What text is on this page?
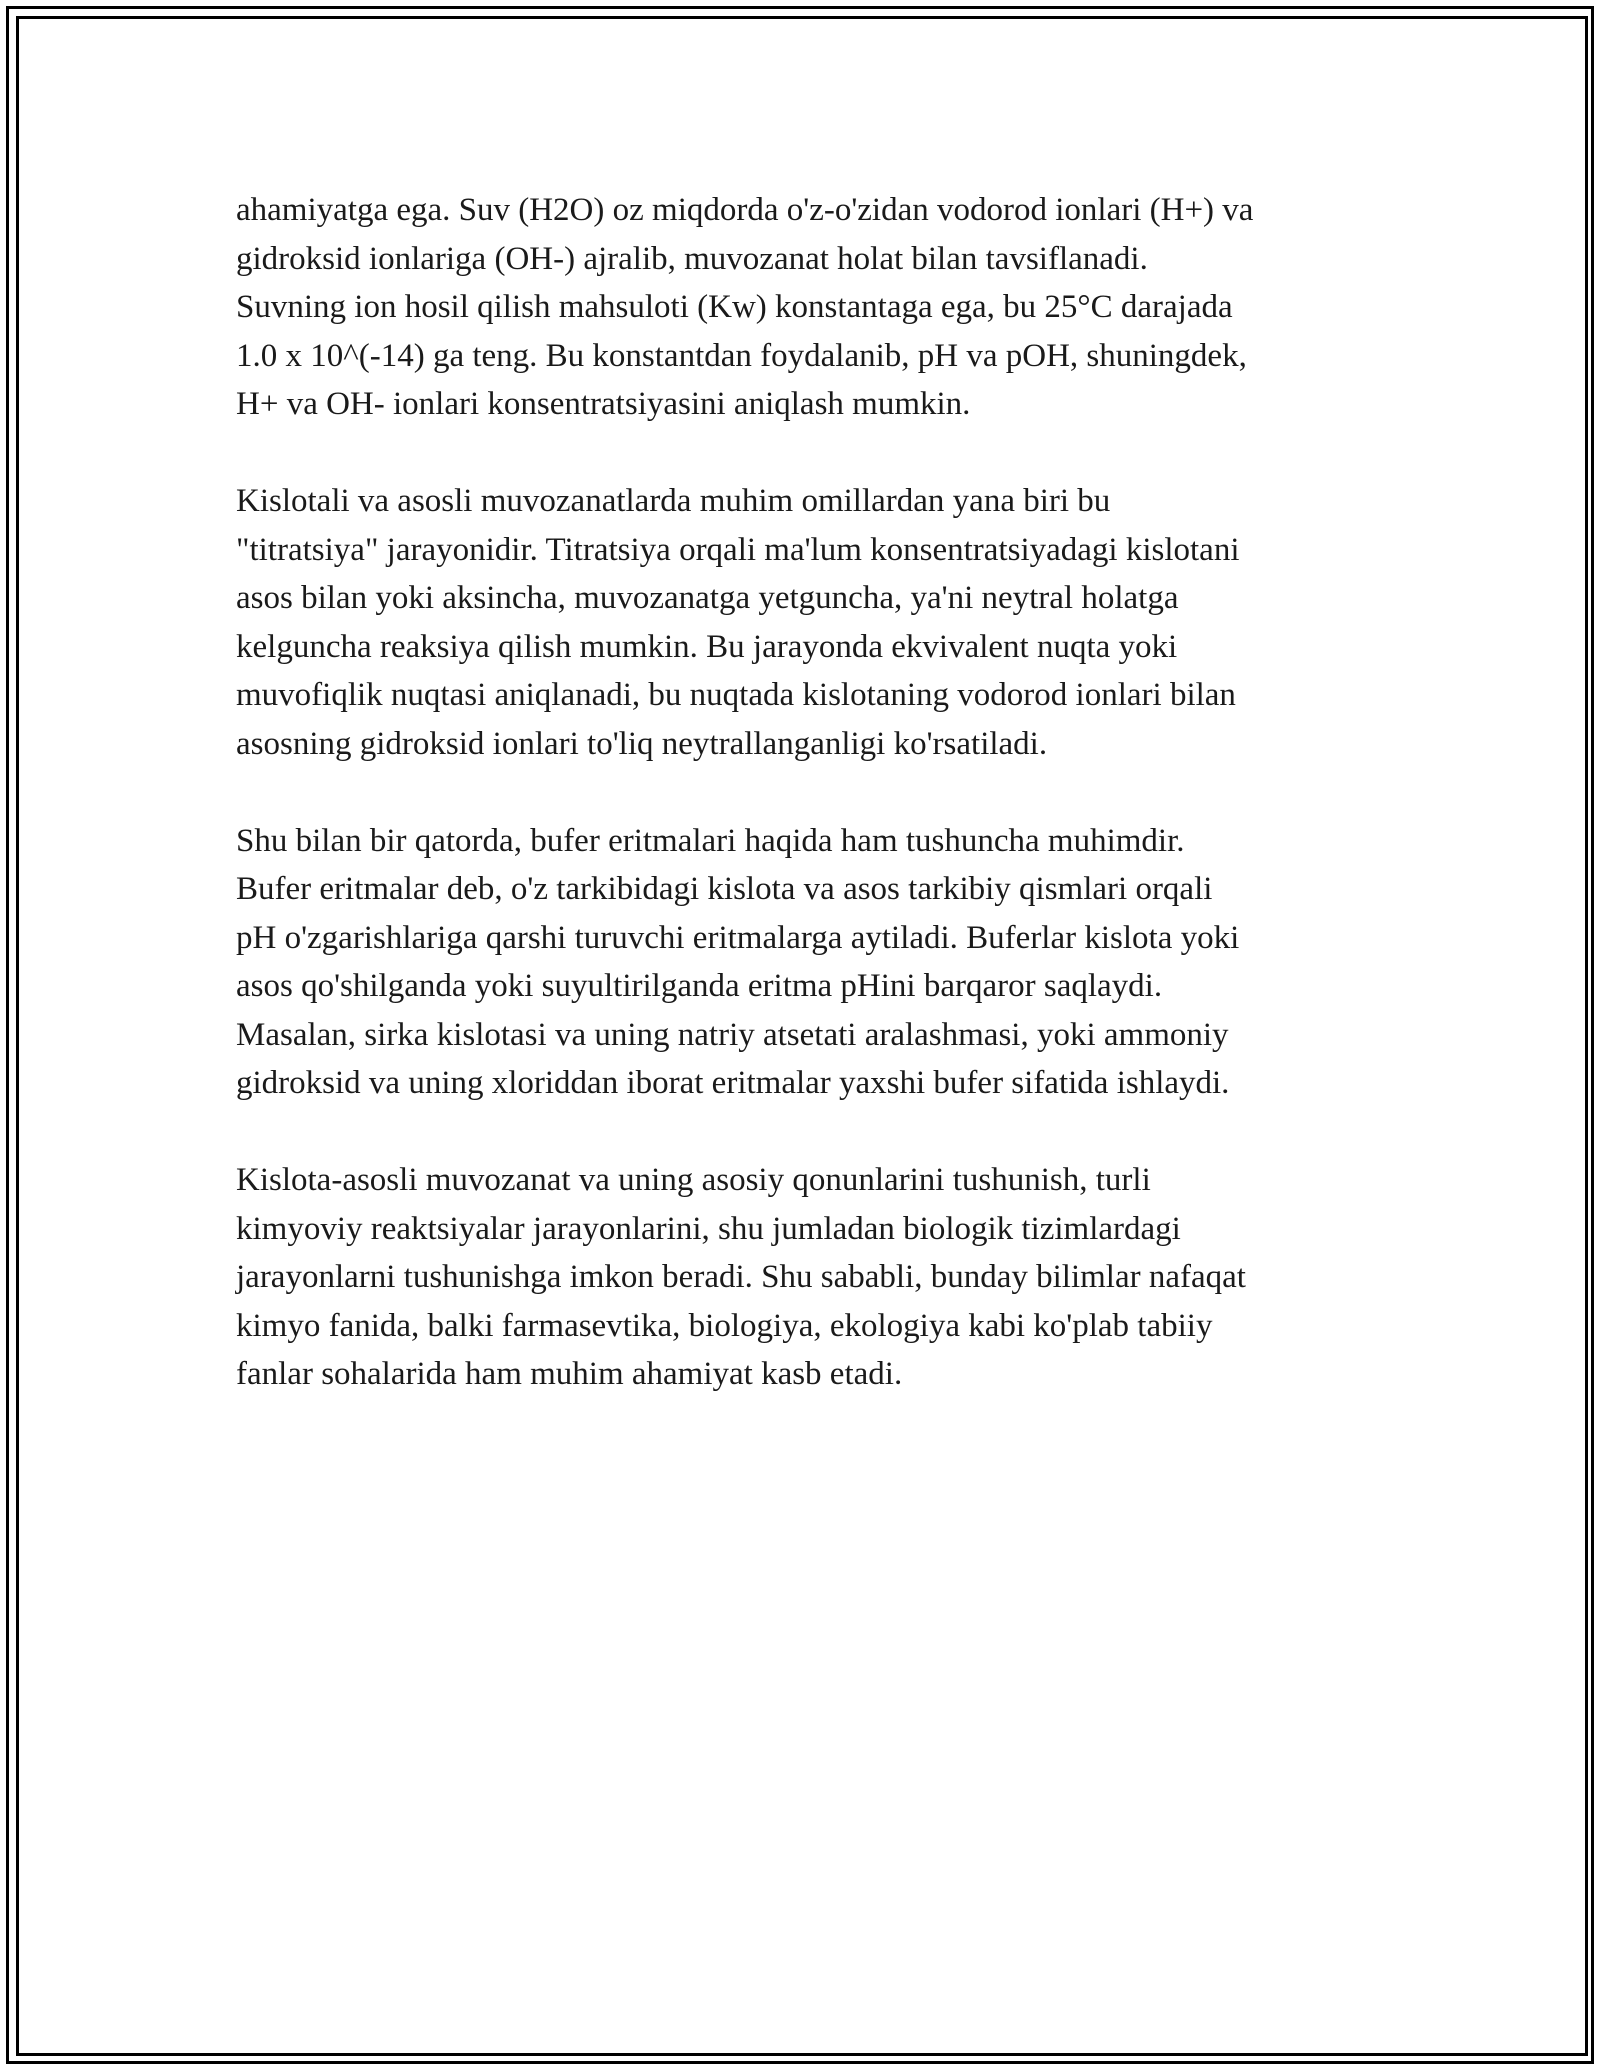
ahamiyatga ega. Suv (H2O) oz miqdorda o'z-o'zidan vodorod ionlari (H+) va
gidroksid ionlariga (OH-) ajralib, muvozanat holat bilan tavsiflanadi.
Suvning ion hosil qilish mahsuloti (Kw) konstantaga ega, bu 25°C darajada
1.0 x 10^(-14) ga teng. Bu konstantdan foydalanib, pH va pOH, shuningdek,
H+ va OH- ionlari konsentratsiyasini aniqlash mumkin.

Kislotali va asosli muvozanatlarda muhim omillardan yana biri bu
"titratsiya" jarayonidir. Titratsiya orqali ma'lum konsentratsiyadagi kislotani
asos bilan yoki aksincha, muvozanatga yetguncha, ya'ni neytral holatga
kelguncha reaksiya qilish mumkin. Bu jarayonda ekvivalent nuqta yoki
muvofiqlik nuqtasi aniqlanadi, bu nuqtada kislotaning vodorod ionlari bilan
asosning gidroksid ionlari to'liq neytrallanganligi ko'rsatiladi.

Shu bilan bir qatorda, bufer eritmalari haqida ham tushuncha muhimdir.
Bufer eritmalar deb, o'z tarkibidagi kislota va asos tarkibiy qismlari orqali
pH o'zgarishlariga qarshi turuvchi eritmalarga aytiladi. Buferlar kislota yoki
asos qo'shilganda yoki suyultirilganda eritma pHini barqaror saqlaydi.
Masalan, sirka kislotasi va uning natriy atsetati aralashmasi, yoki ammoniy
gidroksid va uning xloriddan iborat eritmalar yaxshi bufer sifatida ishlaydi.

Kislota-asosli muvozanat va uning asosiy qonunlarini tushunish, turli
kimyoviy reaktsiyalar jarayonlarini, shu jumladan biologik tizimlardagi
jarayonlarni tushunishga imkon beradi. Shu sababli, bunday bilimlar nafaqat
kimyo fanida, balki farmasevtika, biologiya, ekologiya kabi ko'plab tabiiy
fanlar sohalarida ham muhim ahamiyat kasb etadi.
